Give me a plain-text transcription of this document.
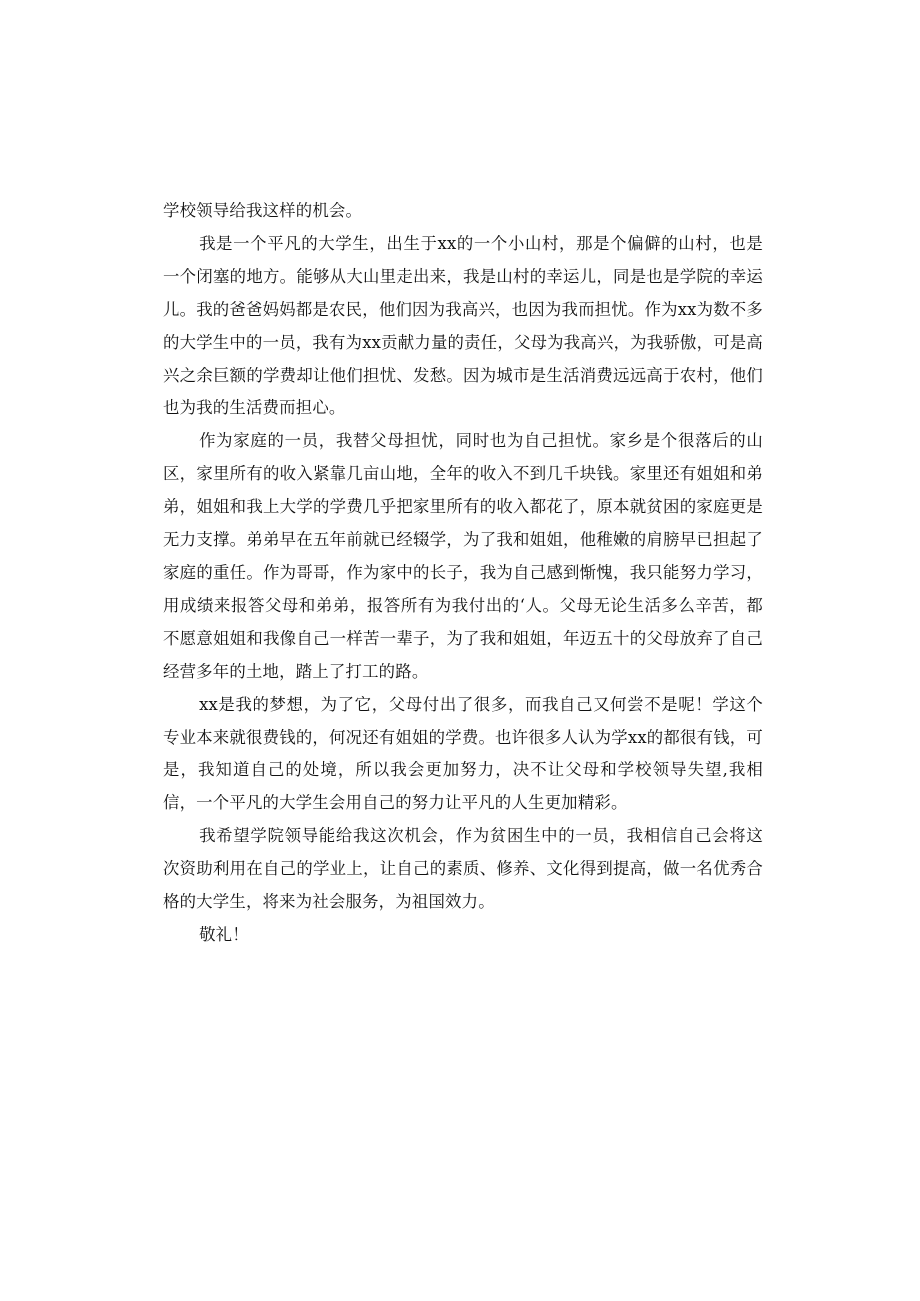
学校领导给我这样的机会。

我是一个平凡的大学生，出生于xx的一个小山村，那是个偏僻的山村，也是一个闭塞的地方。能够从大山里走出来，我是山村的幸运儿，同是也是学院的幸运儿。我的爸爸妈妈都是农民，他们因为我高兴，也因为我而担忧。作为xx为数不多的大学生中的一员，我有为xx贡献力量的责任，父母为我高兴，为我骄傲，可是高兴之余巨额的学费却让他们担忧、发愁。因为城市是生活消费远远高于农村，他们也为我的生活费而担心。

作为家庭的一员，我替父母担忧，同时也为自己担忧。家乡是个很落后的山区，家里所有的收入紧靠几亩山地，全年的收入不到几千块钱。家里还有姐姐和弟弟，姐姐和我上大学的学费几乎把家里所有的收入都花了，原本就贫困的家庭更是无力支撑。弟弟早在五年前就已经辍学，为了我和姐姐，他稚嫩的肩膀早已担起了家庭的重任。作为哥哥，作为家中的长子，我为自己感到惭愧，我只能努力学习，用成绩来报答父母和弟弟，报答所有为我付出的‘人。父母无论生活多么辛苦，都不愿意姐姐和我像自己一样苦一辈子，为了我和姐姐，年迈五十的父母放弃了自己经营多年的土地，踏上了打工的路。

xx是我的梦想，为了它，父母付出了很多，而我自己又何尝不是呢！学这个专业本来就很费钱的，何况还有姐姐的学费。也许很多人认为学xx的都很有钱，可是，我知道自己的处境，所以我会更加努力，决不让父母和学校领导失望,我相信，一个平凡的大学生会用自己的努力让平凡的人生更加精彩。

我希望学院领导能给我这次机会，作为贫困生中的一员，我相信自己会将这次资助利用在自己的学业上，让自己的素质、修养、文化得到提高，做一名优秀合格的大学生，将来为社会服务，为祖国效力。

敬礼！
